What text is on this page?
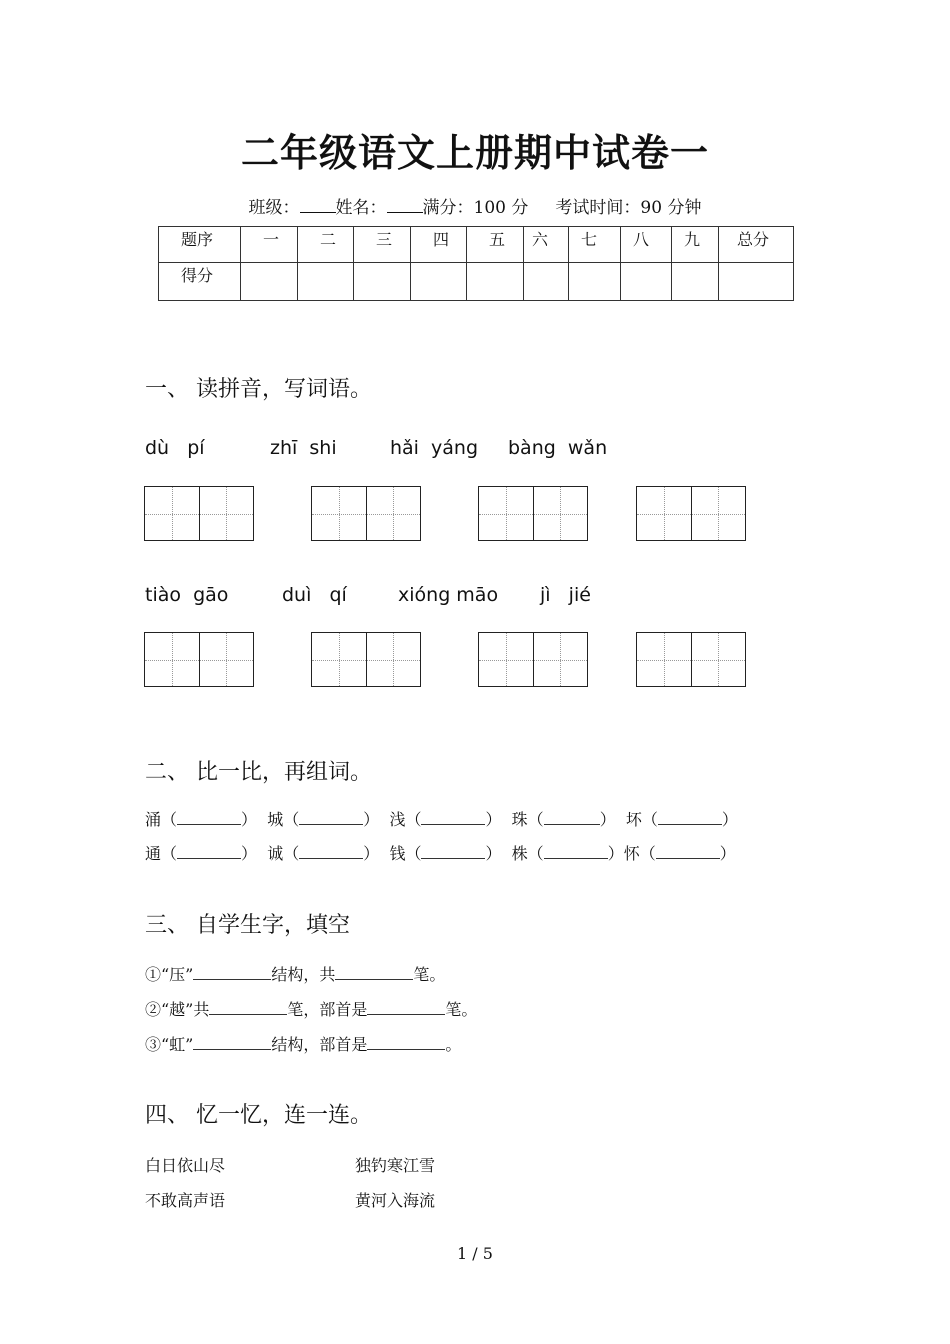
二年级语文上册期中试卷一
班级： 姓名： 满分：100 分 考试时间：90 分钟
题序	一	二	三	四	五	六	七	八	九	总分
得分										
一、 读拼音，写词语。
dù   pí	zhī  shi	hǎi  yáng bàng  wǎn
tiào  gāo	duì   qí	xióng māo jì   jié
二、 比一比，再组词。
涌（	）  城（	）  浅（	）  珠（	）  坏（	）
通（	）  诚（	）  钱（	）  株（	）怀（	）
三、 自学生字，填空
①“压”	结构，共	笔。
②“越”共	笔，部首是	笔。
③“虹”	结构，部首是	。
四、 忆一忆，连一连。
白日依山尽	独钓寒江雪
不敢高声语	黄河入海流
1 / 5
